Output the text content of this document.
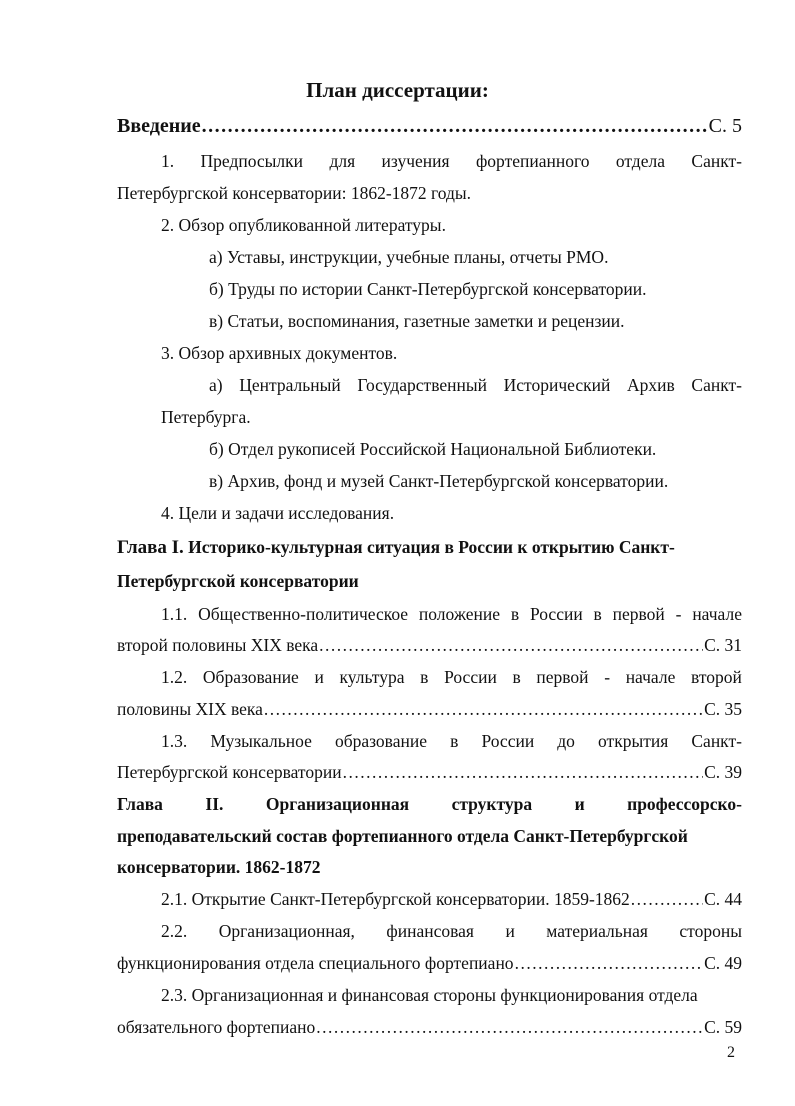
План диссертации:
Введение .....	С. 5
1. Предпосылки для изучения фортепианного отдела Санкт-
Петербургской консерватории: 1862-1872 годы.
2. Обзор опубликованной литературы.
а) Уставы, инструкции, учебные планы, отчеты РМО.
б) Труды по истории Санкт-Петербургской консерватории.
в) Статьи, воспоминания, газетные заметки и рецензии.
3. Обзор архивных документов.
а) Центральный Государственный Исторический Архив Санкт-
Петербурга.
б) Отдел рукописей Российской Национальной Библиотеки.
в) Архив, фонд и музей Санкт-Петербургской консерватории.
4. Цели и задачи исследования.
Глава I. Историко-культурная ситуация в России к открытию Санкт-
Петербургской консерватории
1.1. Общественно-политическое положение в России в первой - начале
второй половины XIX века .....	С. 31
1.2. Образование и культура в России в первой - начале второй
половины XIX века .....	С. 35
1.3. Музыкальное образование в России до открытия Санкт-
Петербургской консерватории .....	С. 39
Глава II. Организационная структура и профессорско-
преподавательский состав фортепианного отдела Санкт-Петербургской
консерватории. 1862-1872
2.1. Открытие Санкт-Петербургской консерватории. 1859-1862 .....	С. 44
2.2. Организационная, финансовая и материальная стороны
функционирования отдела специального фортепиано .....	С. 49
2.3. Организационная и финансовая стороны функционирования отдела
обязательного фортепиано .....	С. 59
2
